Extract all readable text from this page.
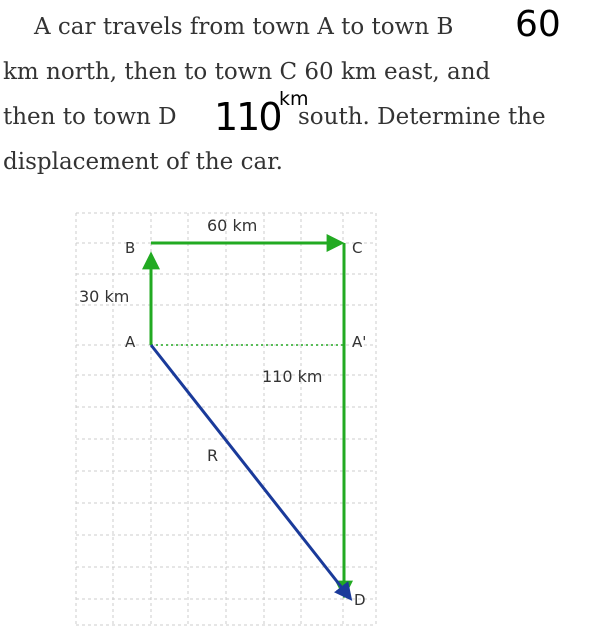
A car travels from town A to town B

km north, then to town C 60 km east, and

then to town D	south. Determine the

displacement of the car.

60
110
km
B	C
A	A'
D
30 km
60 km
110 km
R
